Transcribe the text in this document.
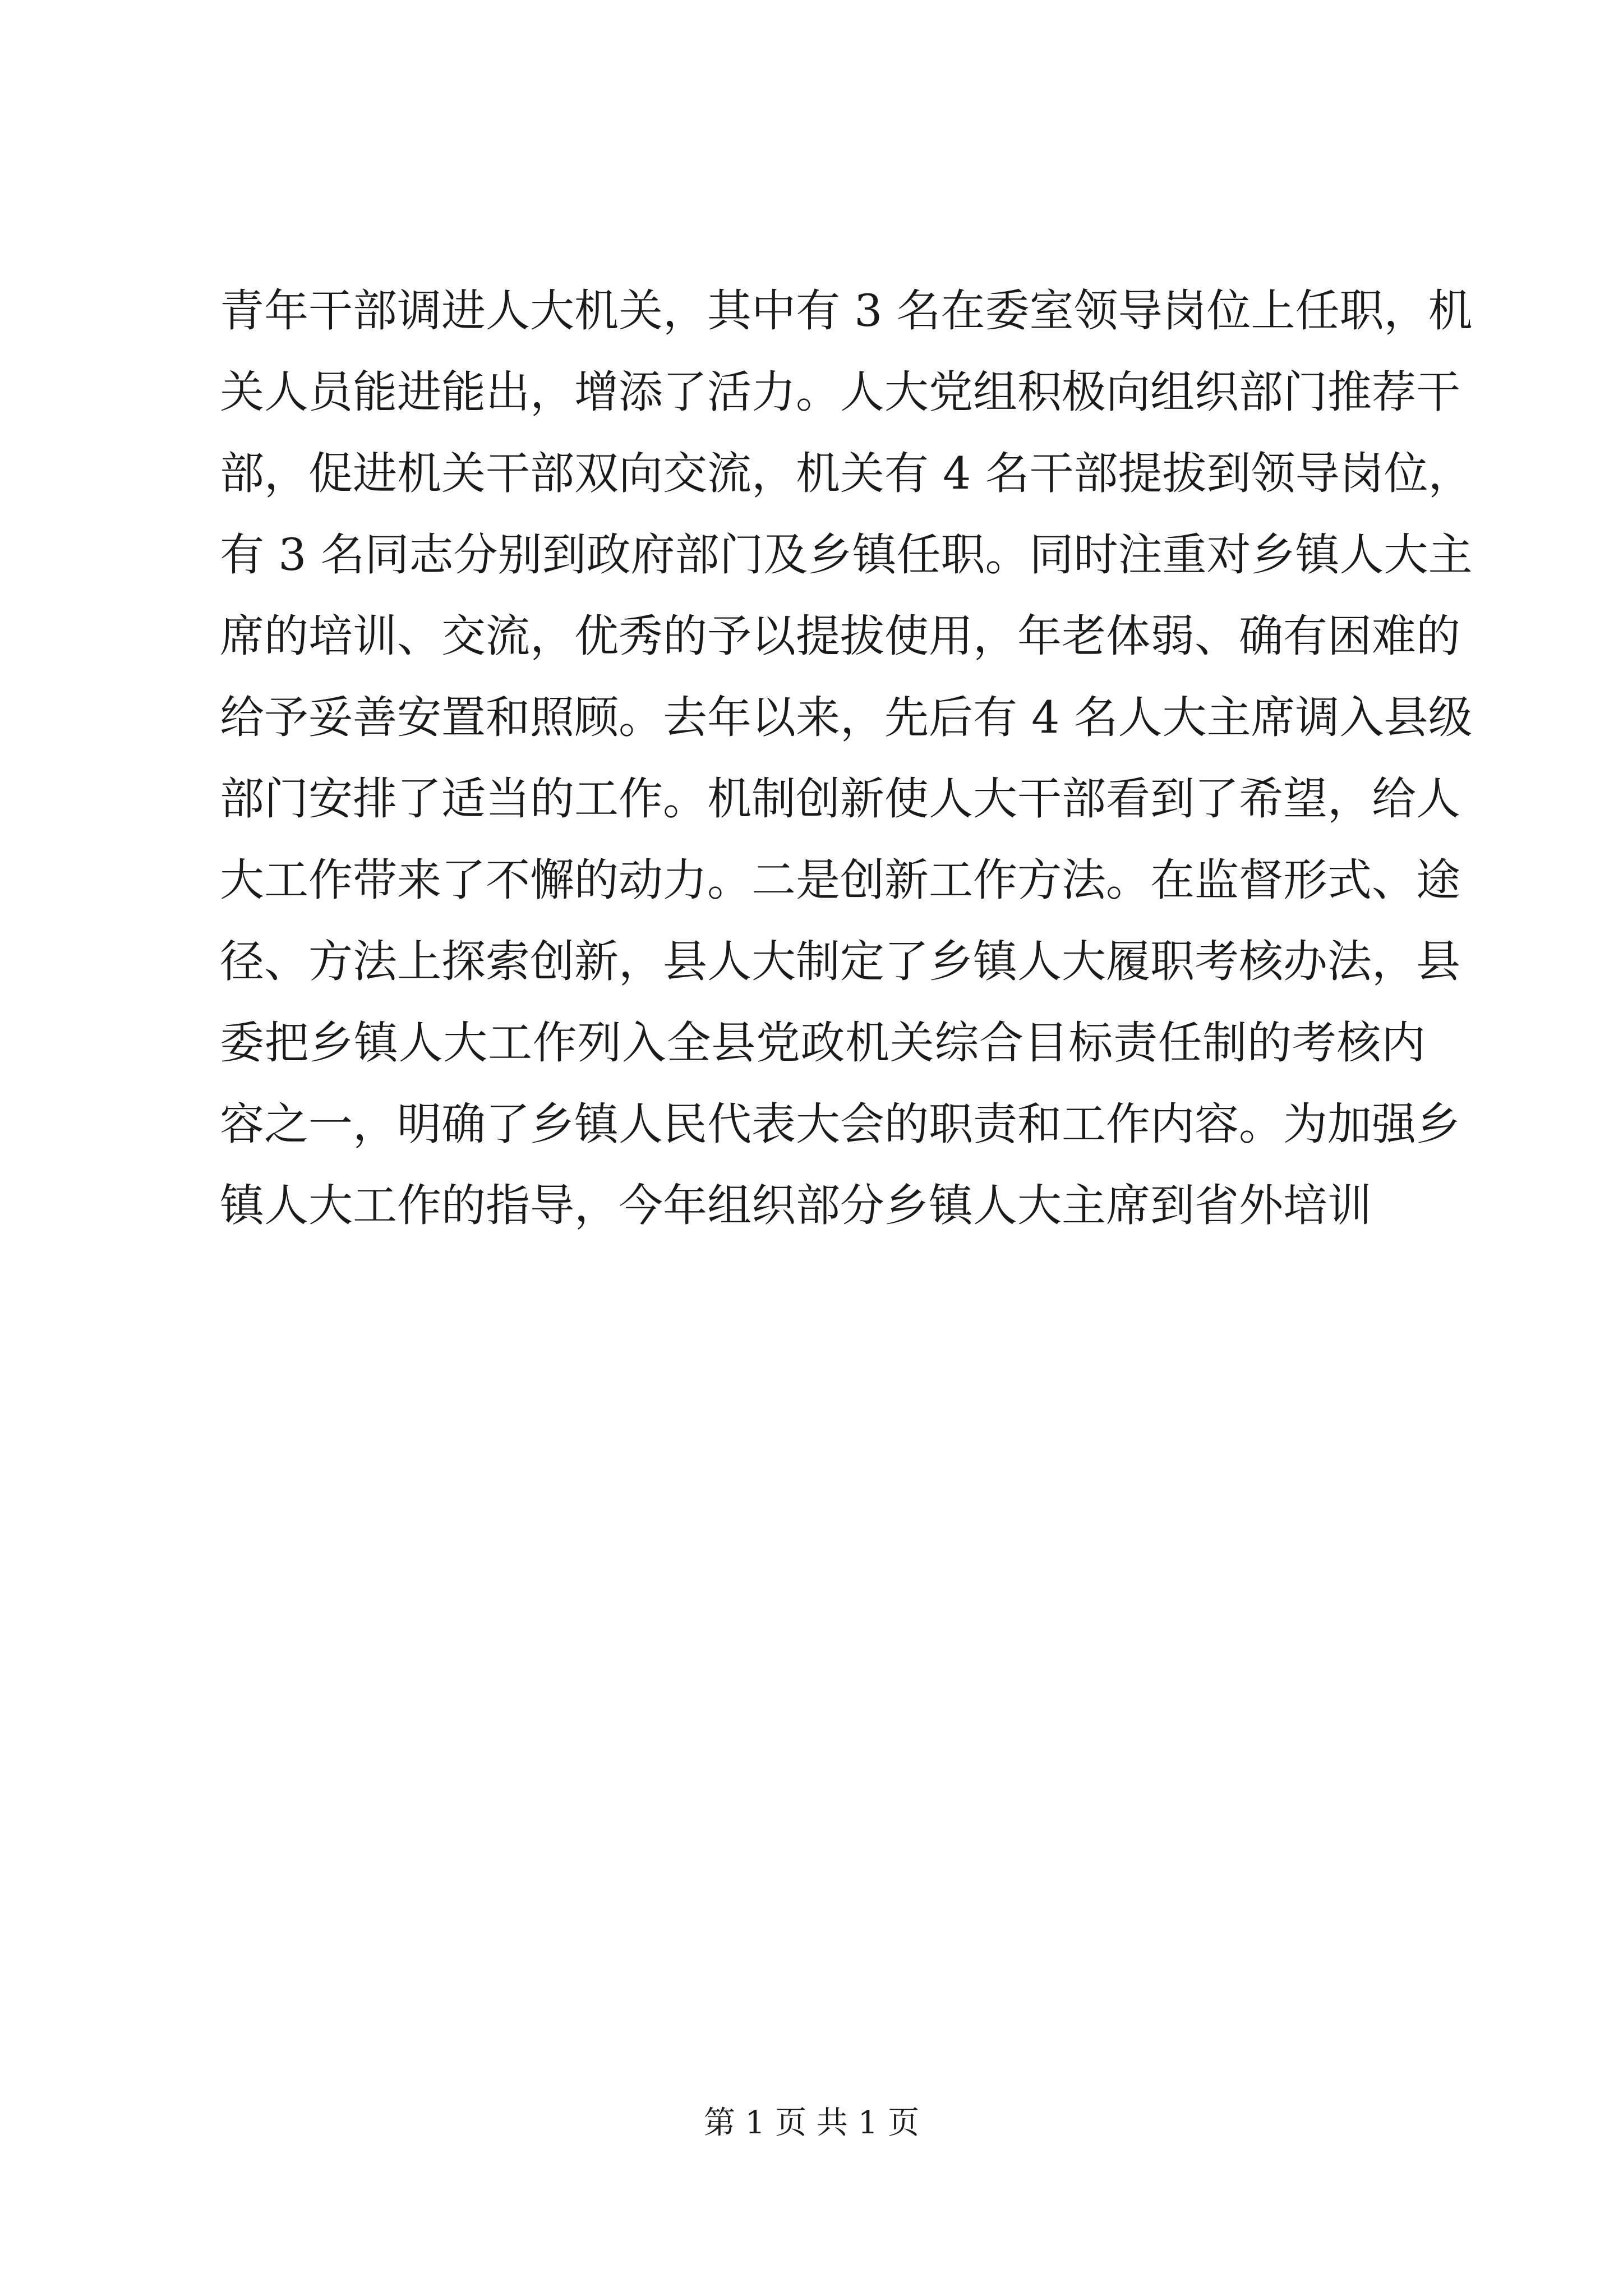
青年干部调进人大机关，其中有 3 名在委室领导岗位上任职，机
关人员能进能出，增添了活力。人大党组积极向组织部门推荐干
部，促进机关干部双向交流，机关有 4 名干部提拔到领导岗位，
有 3 名同志分别到政府部门及乡镇任职。同时注重对乡镇人大主
席的培训、交流，优秀的予以提拔使用，年老体弱、确有困难的
给予妥善安置和照顾。去年以来，先后有 4 名人大主席调入县级
部门安排了适当的工作。机制创新使人大干部看到了希望，给人
大工作带来了不懈的动力。二是创新工作方法。在监督形式、途
径、方法上探索创新，县人大制定了乡镇人大履职考核办法，县
委把乡镇人大工作列入全县党政机关综合目标责任制的考核内
容之一，明确了乡镇人民代表大会的职责和工作内容。为加强乡
镇人大工作的指导，今年组织部分乡镇人大主席到省外培训
第 1 页 共 1 页
